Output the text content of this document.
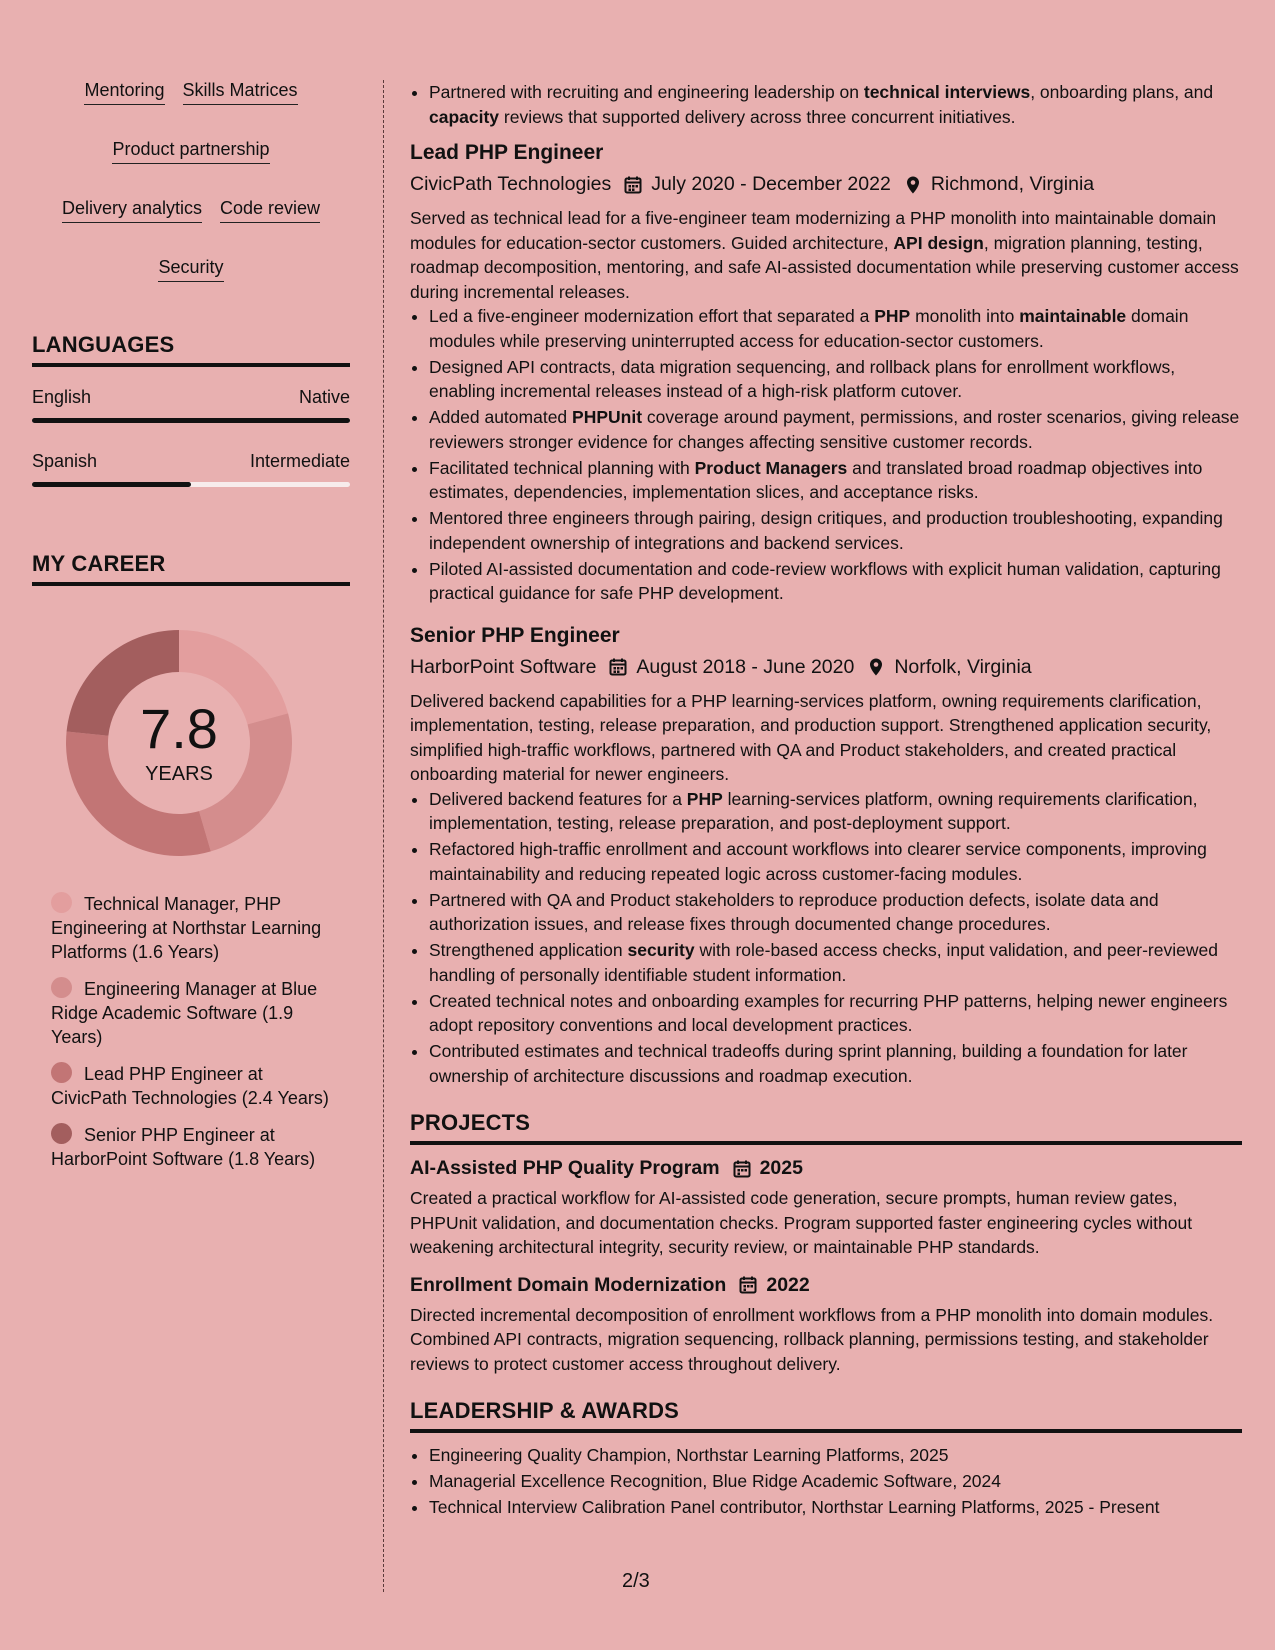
Mentoring Skills Matrices
Product partnership
Delivery analytics Code review
Security
LANGUAGES
English	Native
Spanish	Intermediate
MY CAREER
7.8
YEARS
Technical Manager, PHP Engineering at Northstar Learning Platforms (1.6 Years)
Engineering Manager at Blue Ridge Academic Software (1.9 Years)
Lead PHP Engineer at CivicPath Technologies (2.4 Years)
Senior PHP Engineer at HarborPoint Software (1.8 Years)
• Partnered with recruiting and engineering leadership on technical interviews, onboarding plans, and capacity reviews that supported delivery across three concurrent initiatives.
Lead PHP Engineer
CivicPath Technologies July 2020 - December 2022 Richmond, Virginia

Served as technical lead for a five-engineer team modernizing a PHP monolith into maintainable domain modules for education-sector customers. Guided architecture, API design, migration planning, testing, roadmap decomposition, mentoring, and safe AI-assisted documentation while preserving customer access during incremental releases.

• Led a five-engineer modernization effort that separated a PHP monolith into maintainable domain modules while preserving uninterrupted access for education-sector customers.
• Designed API contracts, data migration sequencing, and rollback plans for enrollment workflows, enabling incremental releases instead of a high-risk platform cutover.
• Added automated PHPUnit coverage around payment, permissions, and roster scenarios, giving release reviewers stronger evidence for changes affecting sensitive customer records.
• Facilitated technical planning with Product Managers and translated broad roadmap objectives into estimates, dependencies, implementation slices, and acceptance risks.
• Mentored three engineers through pairing, design critiques, and production troubleshooting, expanding independent ownership of integrations and backend services.
• Piloted AI-assisted documentation and code-review workflows with explicit human validation, capturing practical guidance for safe PHP development.
Senior PHP Engineer
HarborPoint Software August 2018 - June 2020 Norfolk, Virginia

Delivered backend capabilities for a PHP learning-services platform, owning requirements clarification, implementation, testing, release preparation, and production support. Strengthened application security, simplified high-traffic workflows, partnered with QA and Product stakeholders, and created practical onboarding material for newer engineers.

• Delivered backend features for a PHP learning-services platform, owning requirements clarification, implementation, testing, release preparation, and post-deployment support.
• Refactored high-traffic enrollment and account workflows into clearer service components, improving maintainability and reducing repeated logic across customer-facing modules.
• Partnered with QA and Product stakeholders to reproduce production defects, isolate data and authorization issues, and release fixes through documented change procedures.
• Strengthened application security with role-based access checks, input validation, and peer-reviewed handling of personally identifiable student information.
• Created technical notes and onboarding examples for recurring PHP patterns, helping newer engineers adopt repository conventions and local development practices.
• Contributed estimates and technical tradeoffs during sprint planning, building a foundation for later ownership of architecture discussions and roadmap execution.
PROJECTS
AI-Assisted PHP Quality Program 2025

Created a practical workflow for AI-assisted code generation, secure prompts, human review gates, PHPUnit validation, and documentation checks. Program supported faster engineering cycles without weakening architectural integrity, security review, or maintainable PHP standards.

Enrollment Domain Modernization 2022

Directed incremental decomposition of enrollment workflows from a PHP monolith into domain modules. Combined API contracts, migration sequencing, rollback planning, permissions testing, and stakeholder reviews to protect customer access throughout delivery.

LEADERSHIP & AWARDS
• Engineering Quality Champion, Northstar Learning Platforms, 2025
• Managerial Excellence Recognition, Blue Ridge Academic Software, 2024
• Technical Interview Calibration Panel contributor, Northstar Learning Platforms, 2025 - Present
2/3
